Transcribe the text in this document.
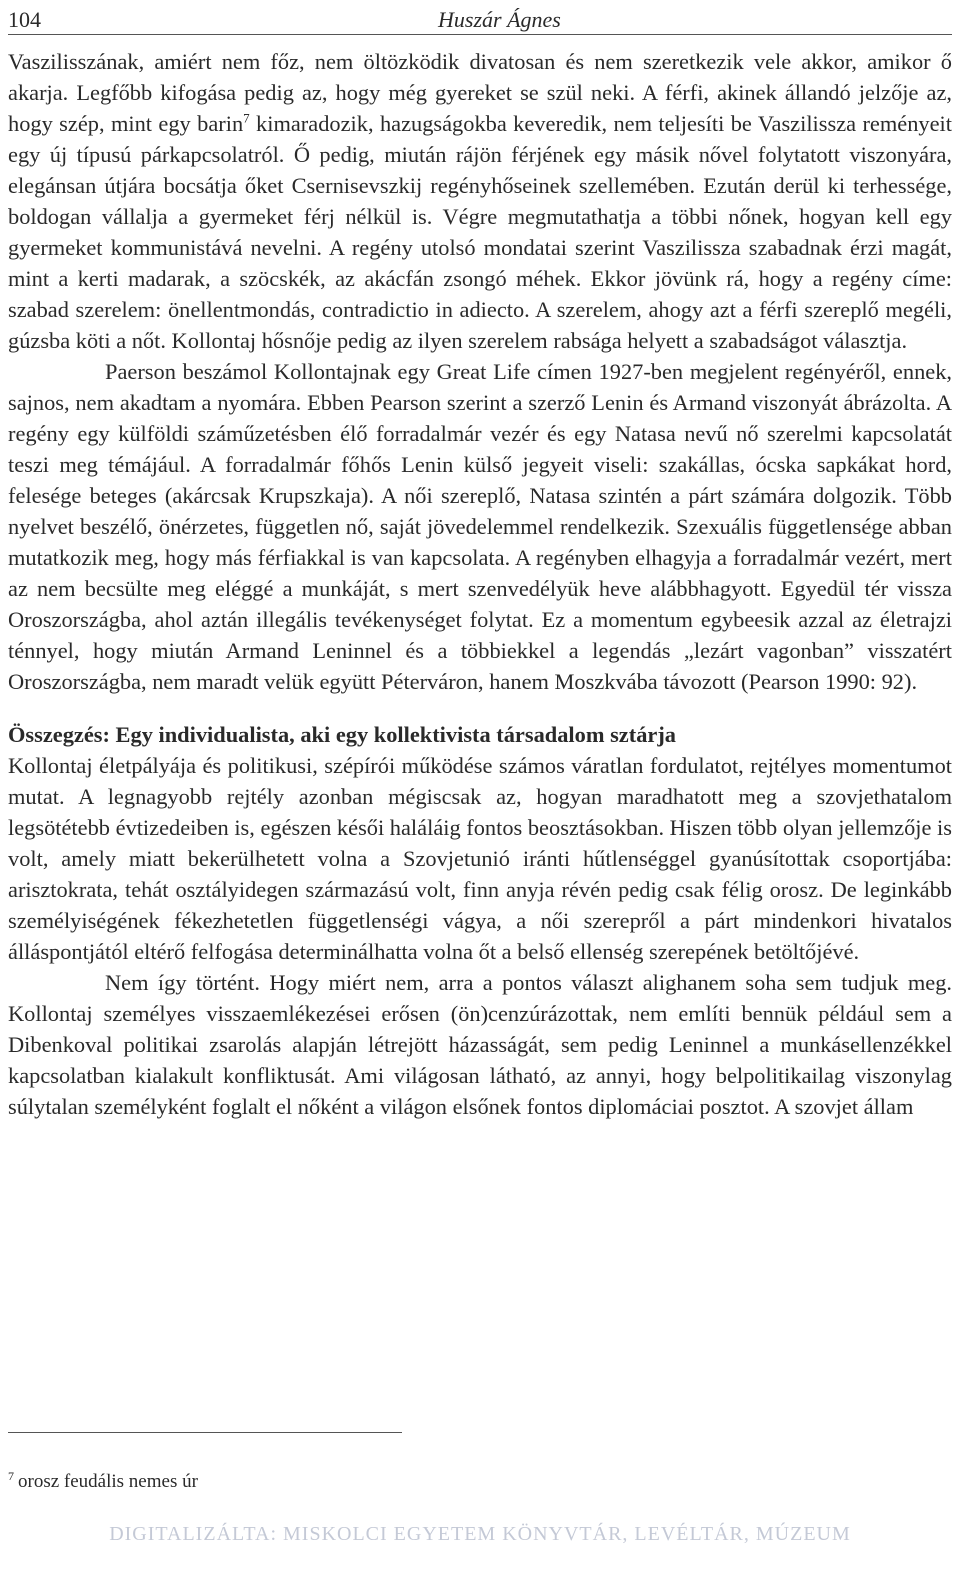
104	Huszár Ágnes

Vaszilisszának, amiért nem főz, nem öltözködik divatosan és nem szeretkezik vele akkor, amikor ő akarja. Legfőbb kifogása pedig az, hogy még gyereket se szül neki. A férfi, akinek állandó jelzője az, hogy szép, mint egy barin$^7$ kimaradozik, hazugságokba keveredik, nem teljesíti be Vaszilissza reményeit egy új típusú párkapcsolatról. Ő pedig, miután rájön férjének egy másik nővel folytatott viszonyára, elegánsan útjára bocsátja őket Csernisevszkij regényhőseinek szellemében. Ezután derül ki terhessége, boldogan vállalja a gyermeket férj nélkül is. Végre megmutathatja a többi nőnek, hogyan kell egy gyermeket kommunistává nevelni. A regény utolsó mondatai szerint Vaszilissza szabadnak érzi magát, mint a kerti madarak, a szöcskék, az akácfán zsongó méhek. Ekkor jövünk rá, hogy a regény címe: szabad szerelem: önellentmondás, contradictio in adiecto. A szerelem, ahogy azt a férfi szereplő megéli, gúzsba köti a nőt. Kollontaj hősnője pedig az ilyen szerelem rabsága helyett a szabadságot választja.

Paerson beszámol Kollontajnak egy Great Life címen 1927-ben megjelent regényéről, ennek, sajnos, nem akadtam a nyomára. Ebben Pearson szerint a szerző Lenin és Armand viszonyát ábrázolta. A regény egy külföldi száműzetésben élő forradalmár vezér és egy Natasa nevű nő szerelmi kapcsolatát teszi meg témájául. A forradalmár főhős Lenin külső jegyeit viseli: szakállas, ócska sapkákat hord, felesége beteges (akárcsak Krupszkaja). A női szereplő, Natasa szintén a párt számára dolgozik. Több nyelvet beszélő, önérzetes, független nő, saját jövedelemmel rendelkezik. Szexuális függetlensége abban mutatkozik meg, hogy más férfiakkal is van kapcsolata. A regényben elhagyja a forradalmár vezért, mert az nem becsülte meg eléggé a munkáját, s mert szenvedélyük heve alábbhagyott. Egyedül tér vissza Oroszországba, ahol aztán illegális tevékenységet folytat. Ez a momentum egybeesik azzal az életrajzi ténnyel, hogy miután Armand Leninnel és a többiekkel a legendás „lezárt vagonban” visszatért Oroszországba, nem maradt velük együtt Péterváron, hanem Moszkvába távozott (Pearson 1990: 92).

Összegzés: Egy individualista, aki egy kollektivista társadalom sztárja

Kollontaj életpályája és politikusi, szépírói működése számos váratlan fordulatot, rejtélyes momentumot mutat. A legnagyobb rejtély azonban mégiscsak az, hogyan maradhatott meg a szovjethatalom legsötétebb évtizedeiben is, egészen késői haláláig fontos beosztásokban. Hiszen több olyan jellemzője is volt, amely miatt bekerülhetett volna a Szovjetunió iránti hűtlenséggel gyanúsítottak csoportjába: arisztokrata, tehát osztályidegen származású volt, finn anyja révén pedig csak félig orosz. De leginkább személyiségének fékezhetetlen függetlenségi vágya, a női szerepről a párt mindenkori hivatalos álláspontjától eltérő felfogása determinálhatta volna őt a belső ellenség szerepének betöltőjévé.

Nem így történt. Hogy miért nem, arra a pontos választ alighanem soha sem tudjuk meg. Kollontaj személyes visszaemlékezései erősen (ön)cenzúrázottak, nem említi bennük például sem a Dibenkoval politikai zsarolás alapján létrejött házasságát, sem pedig Leninnel a munkásellenzékkel kapcsolatban kialakult konfliktusát. Ami világosan látható, az annyi, hogy belpolitikailag viszonylag súlytalan személyként foglalt el nőként a világon elsőnek fontos diplomáciai posztot. A szovjet állam

$^7$ orosz feudális nemes úr
DIGITALIZÁLTA: MISKOLCI EGYETEM KÖNYVTÁR, LEVÉLTÁR, MÚZEUM
